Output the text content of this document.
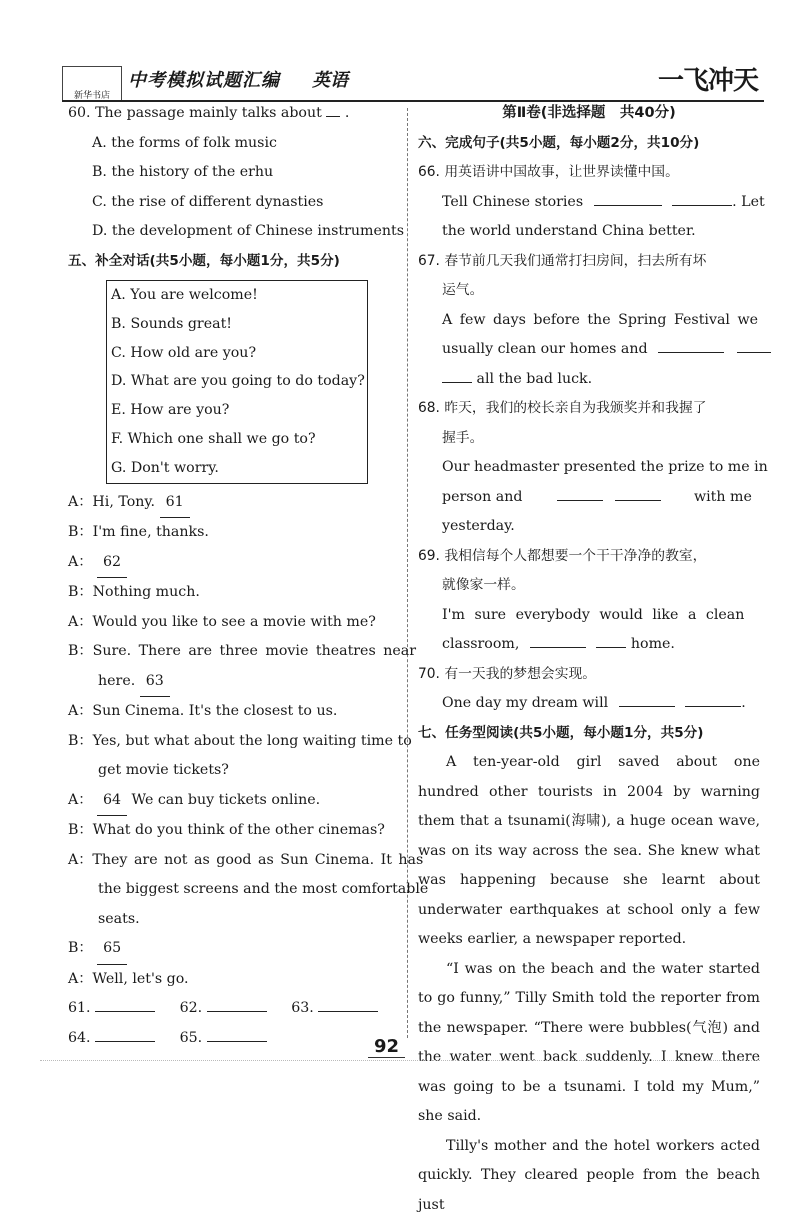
新华书店
中考模拟试题汇编 英语	一飞冲天
60. The passage mainly talks about  .
A. the forms of folk music
B. the history of the erhu
C. the rise of different dynasties
D. the development of Chinese instruments
五、补全对话(共5小题，每小题1分，共5分)
A. You are welcome!
B. Sounds great!
C. How old are you?
D. What are you going to do today?
E. How are you?
F. Which one shall we go to?
G. Don't worry.
A：Hi, Tony. 61
B：I'm fine, thanks.
A： 62
B：Nothing much.
A：Would you like to see a movie with me?
B：Sure. There are three movie theatres near
here. 63
A：Sun Cinema. It's the closest to us.
B：Yes, but what about the long waiting time to
get movie tickets?
A： 64 We can buy tickets online.
B：What do you think of the other cinemas?
A：They are not as good as Sun Cinema. It has
the biggest screens and the most comfortable
seats.
B： 65
A：Well, let's go.
61.	62.	63.
64.	65.
第Ⅱ卷(非选择题　共40分)
六、完成句子(共5小题，每小题2分，共10分)
66. 用英语讲中国故事，让世界读懂中国。
Tell Chinese stories	. Let
the world understand China better.
67. 春节前几天我们通常打扫房间，扫去所有坏
运气。
A few days before the Spring Festival we
usually clean our homes and
all the bad luck.
68. 昨天，我们的校长亲自为我颁奖并和我握了
握手。
Our headmaster presented the prize to me in
person and	with me
yesterday.
69. 我相信每个人都想要一个干干净净的教室，
就像家一样。
I'm sure everybody would like a clean
classroom,	home.
70. 有一天我的梦想会实现。
One day my dream will	.
七、任务型阅读(共5小题，每小题1分，共5分)

A ten-year-old girl saved about one hundred other tourists in 2004 by warning them that a tsunami(海啸), a huge ocean wave, was on its way across the sea. She knew what was happening because she learnt about underwater earthquakes at school only a few weeks earlier, a newspaper reported.

“I was on the beach and the water started to go funny,” Tilly Smith told the reporter from the newspaper. “There were bubbles(气泡) and the water went back suddenly. I knew there was going to be a tsunami. I told my Mum,” she said.

Tilly's mother and the hotel workers acted quickly. They cleared people from the beach just

92
